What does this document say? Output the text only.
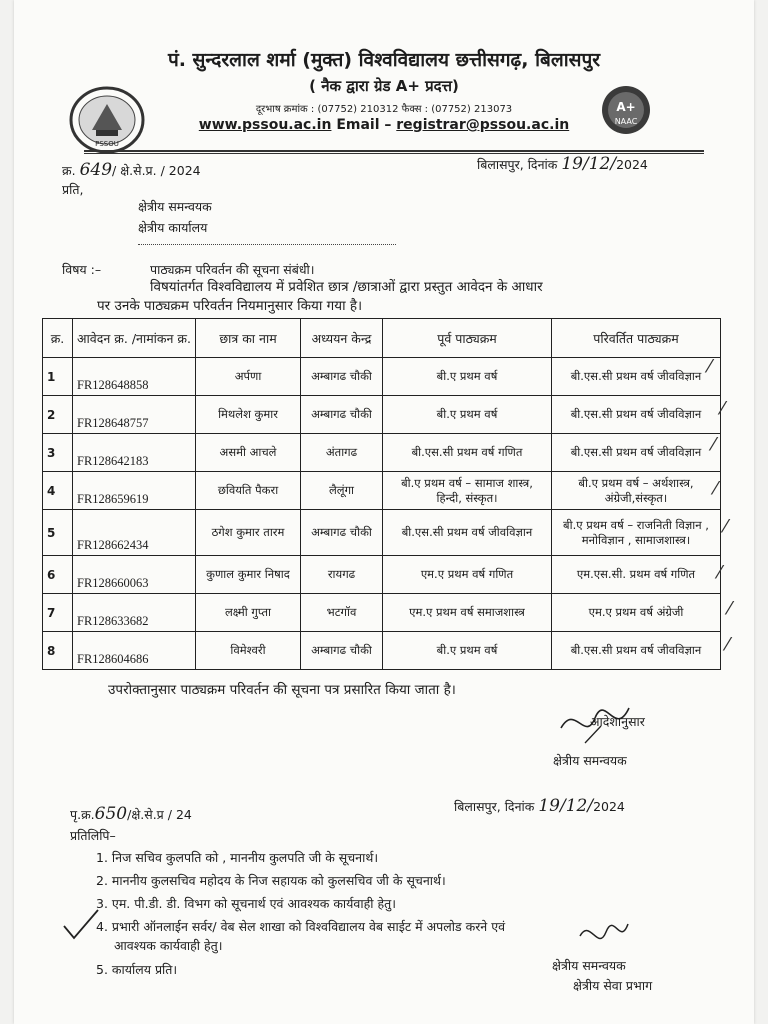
PSSOU
A+
NAAC
पं. सुन्दरलाल शर्मा (मुक्त) विश्वविद्यालय छत्तीसगढ़, बिलासपुर
( नैक द्वारा ग्रेड A+ प्रदत्त)
दूरभाष क्रमांक : (07752) 210312 फैक्स : (07752) 213073
www.pssou.ac.in Email – registrar@pssou.ac.in
क्र. 649/ क्षे.से.प्र. / 2024	बिलासपुर, दिनांक 19/12/2024
प्रति,
क्षेत्रीय समन्वयक
क्षेत्रीय कार्यालय
विषय :–	पाठ्यक्रम परिवर्तन की सूचना संबंधी।
विषयांतर्गत विश्वविद्यालय में प्रवेशित छात्र /छात्राओं द्वारा प्रस्तुत आवेदन के आधार
पर उनके पाठ्यक्रम परिवर्तन नियमानुसार किया गया है।
क्र.	आवेदन क्र. /नामांकन क्र.	छात्र का नाम	अध्ययन केन्द्र	पूर्व पाठ्यक्रम	परिवर्तित पाठ्यक्रम
1	FR128648858	अर्पणा	अम्बागढ चौकी	बी.ए प्रथम वर्ष	बी.एस.सी प्रथम वर्ष जीवविज्ञान
2	FR128648757	मिथलेश कुमार	अम्बागढ चौकी	बी.ए प्रथम वर्ष	बी.एस.सी प्रथम वर्ष जीवविज्ञान
3	FR128642183	असमी आचले	अंतागढ	बी.एस.सी प्रथम वर्ष गणित	बी.एस.सी प्रथम वर्ष जीवविज्ञान
4	FR128659619	छवियति पैकरा	लैलूंगा	बी.ए प्रथम वर्ष – सामाज शास्त्र, हिन्दी, संस्कृत।	बी.ए प्रथम वर्ष – अर्थशास्त्र, अंग्रेजी,संस्कृत।
5	FR128662434	ठगेश कुमार तारम	अम्बागढ चौकी	बी.एस.सी प्रथम वर्ष जीवविज्ञान	बी.ए प्रथम वर्ष – राजनिती विज्ञान , मनोविज्ञान , सामाजशास्त्र।
6	FR128660063	कुणाल कुमार निषाद	रायगढ	एम.ए प्रथम वर्ष गणित	एम.एस.सी. प्रथम वर्ष गणित
7	FR128633682	लक्ष्मी गुप्ता	भटगॉव	एम.ए प्रथम वर्ष समाजशास्त्र	एम.ए प्रथम वर्ष अंग्रेजी
8	FR128604686	विमेश्वरी	अम्बागढ चौकी	बी.ए प्रथम वर्ष	बी.एस.सी प्रथम वर्ष जीवविज्ञान
⁄
⁄
⁄
⁄
⁄
⁄
⁄
⁄
उपरोक्तानुसार पाठ्यक्रम परिवर्तन की सूचना पत्र प्रसारित किया जाता है।
आदेशानुसार
क्षेत्रीय समन्वयक
पृ.क्र.650/क्षे.से.प्र / 24
बिलासपुर, दिनांक 19/12/2024
प्रतिलिपि–
1. निज सचिव कुलपति को , माननीय कुलपति जी के सूचनार्थ।
2. माननीय कुलसचिव महोदय के निज सहायक को कुलसचिव जी के सूचनार्थ।
3. एम. पी.डी. डी. विभग को सूचनार्थ एवं आवश्यक कार्यवाही हेतु।
4. प्रभारी ऑनलाईन सर्वर/ वेब सेल शाखा को विश्वविद्यालय वेब साईट में अपलोड करने एवं
आवश्यक कार्यवाही हेतु।
5. कार्यालय प्रति।	क्षेत्रीय समन्वयक
क्षेत्रीय सेवा प्रभाग
